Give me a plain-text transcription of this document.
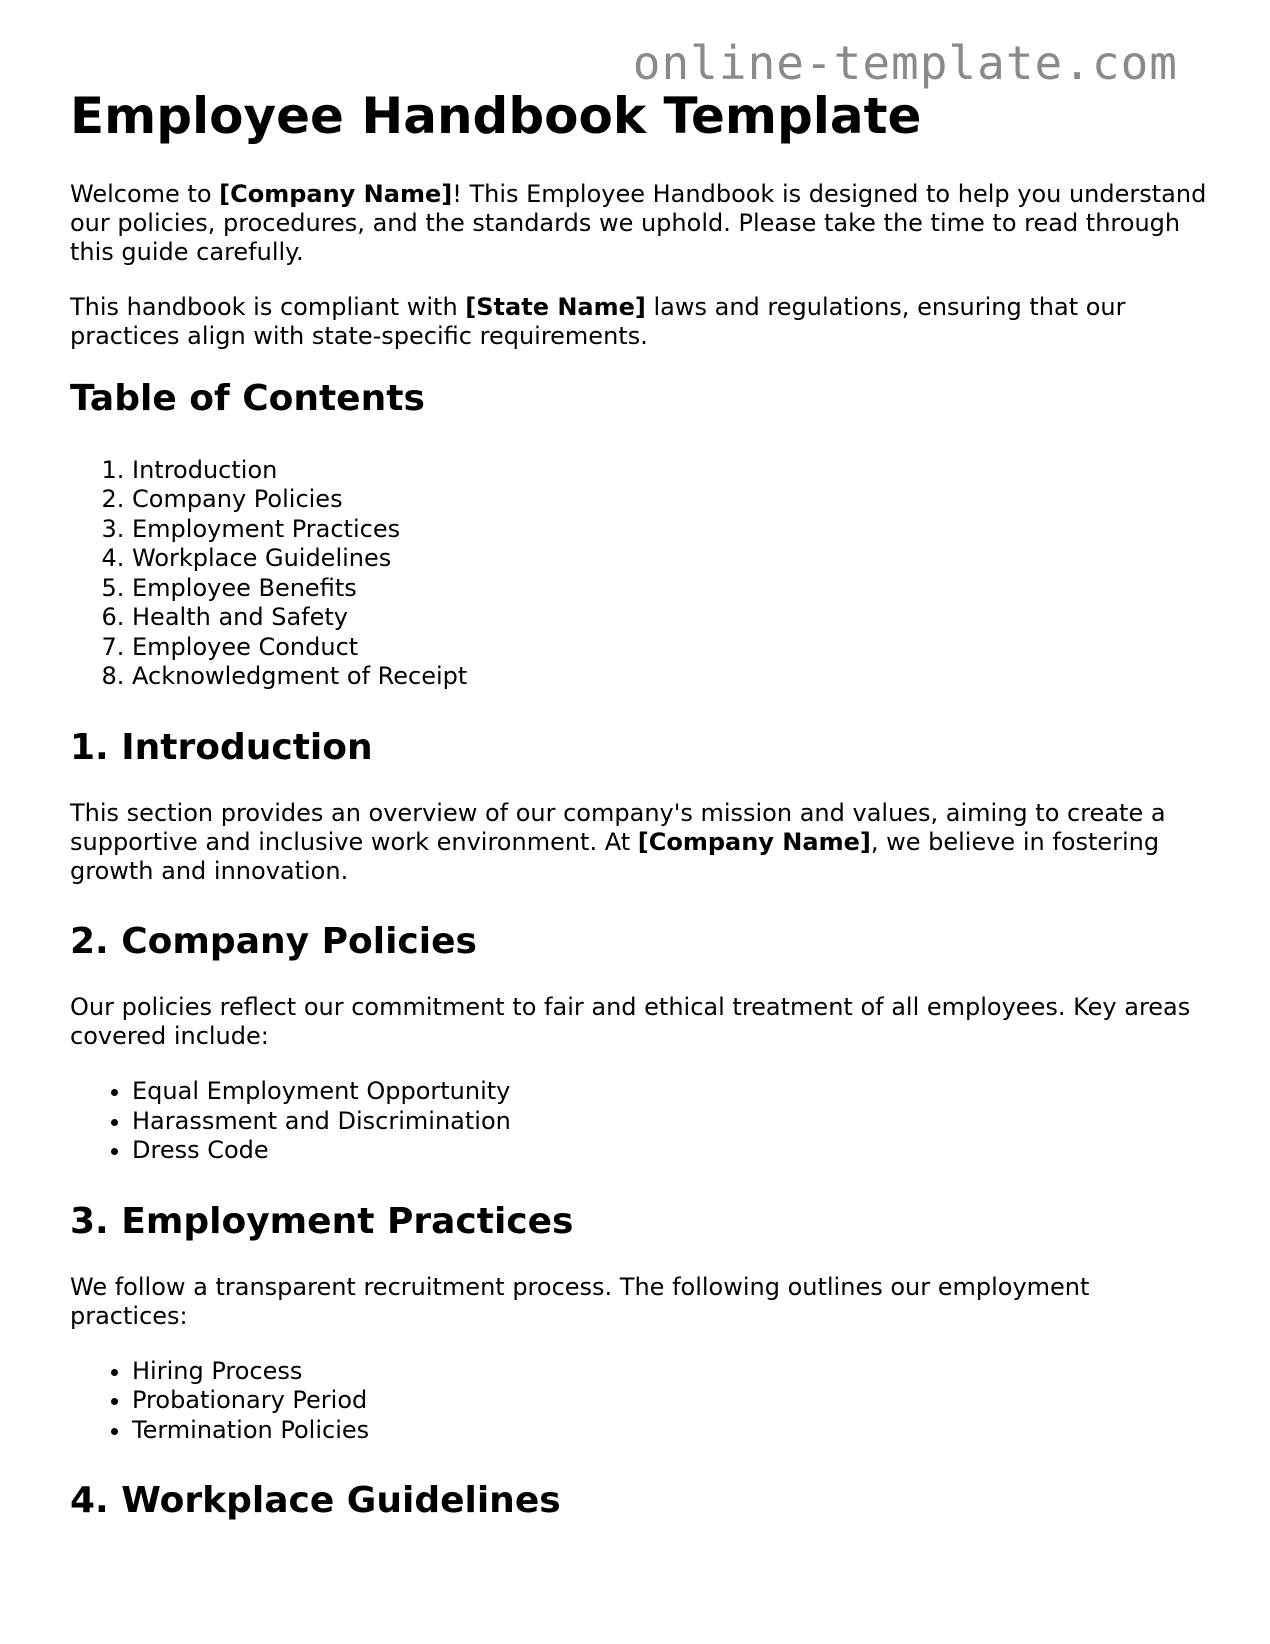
online-template.com
Employee Handbook Template

Welcome to [Company Name]! This Employee Handbook is designed to help you understand our policies, procedures, and the standards we uphold. Please take the time to read through this guide carefully.

This handbook is compliant with [State Name] laws and regulations, ensuring that our practices align with state-specific requirements.

Table of Contents
1. Introduction
2. Company Policies
3. Employment Practices
4. Workplace Guidelines
5. Employee Benefits
6. Health and Safety
7. Employee Conduct
8. Acknowledgment of Receipt
1. Introduction

This section provides an overview of our company's mission and values, aiming to create a supportive and inclusive work environment. At [Company Name], we believe in fostering growth and innovation.

2. Company Policies

Our policies reflect our commitment to fair and ethical treatment of all employees. Key areas covered include:

• Equal Employment Opportunity
• Harassment and Discrimination
• Dress Code
3. Employment Practices

We follow a transparent recruitment process. The following outlines our employment practices:

• Hiring Process
• Probationary Period
• Termination Policies
4. Workplace Guidelines
